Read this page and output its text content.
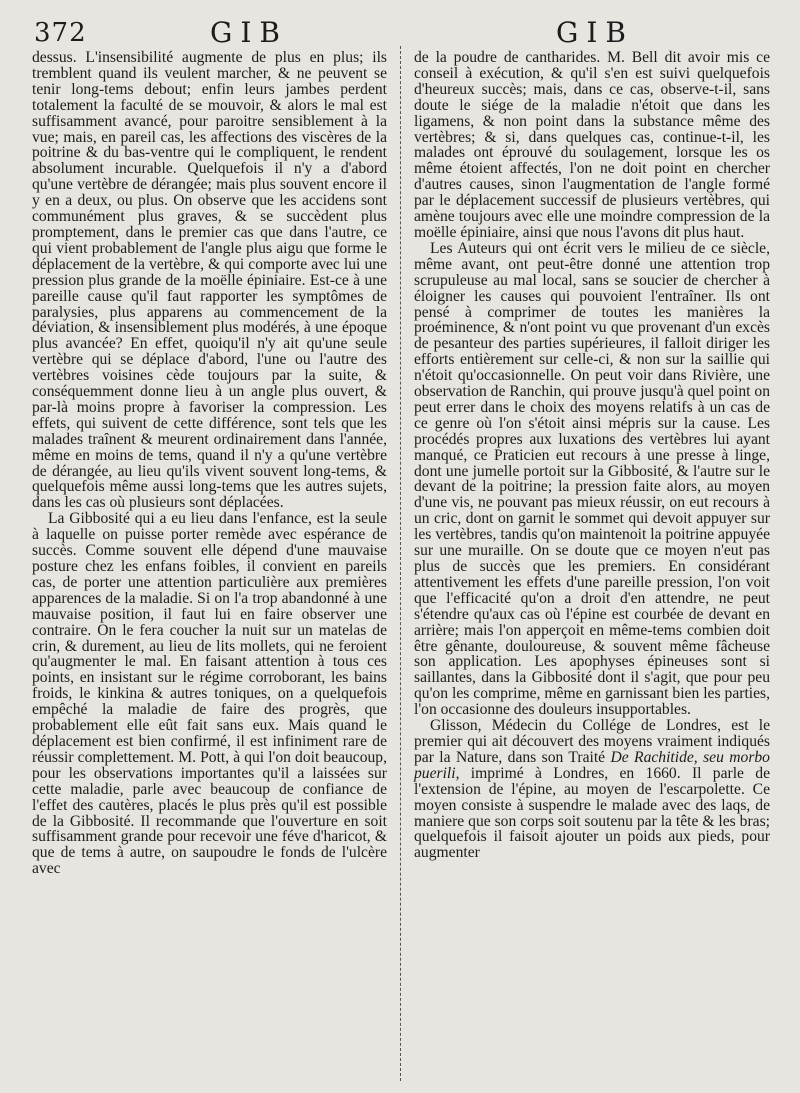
372	GIB	GIB

dessus. L'insensibilité augmente de plus en plus; ils tremblent quand ils veulent marcher, & ne peuvent se tenir long-tems debout; enfin leurs jambes perdent totalement la faculté de se mouvoir, & alors le mal est suffisamment avancé, pour paroitre sensiblement à la vue; mais, en pareil cas, les affections des viscères de la poitrine & du bas-ventre qui le compliquent, le rendent absolument incurable. Quelquefois il n'y a d'abord qu'une vertèbre de dérangée; mais plus souvent encore il y en a deux, ou plus. On observe que les accidens sont communément plus graves, & se succèdent plus promptement, dans le premier cas que dans l'autre, ce qui vient probablement de l'angle plus aigu que forme le déplacement de la vertèbre, & qui comporte avec lui une pression plus grande de la moëlle épiniaire. Est-ce à une pareille cause qu'il faut rapporter les symptômes de paralysies, plus apparens au commencement de la déviation, & insensiblement plus modérés, à une époque plus avancée? En effet, quoiqu'il n'y ait qu'une seule vertèbre qui se déplace d'abord, l'une ou l'autre des vertèbres voisines cède toujours par la suite, & conséquemment donne lieu à un angle plus ouvert, & par-là moins propre à favoriser la compression. Les effets, qui suivent de cette différence, sont tels que les malades traînent & meurent ordinairement dans l'année, même en moins de tems, quand il n'y a qu'une vertèbre de dérangée, au lieu qu'ils vivent souvent long-tems, & quelquefois même aussi long-tems que les autres sujets, dans les cas où plusieurs sont déplacées.

La Gibbosité qui a eu lieu dans l'enfance, est la seule à laquelle on puisse porter remède avec espérance de succès. Comme souvent elle dépend d'une mauvaise posture chez les enfans foibles, il convient en pareils cas, de porter une attention particulière aux premières apparences de la maladie. Si on l'a trop abandonné à une mauvaise position, il faut lui en faire observer une contraire. On le fera coucher la nuit sur un matelas de crin, & durement, au lieu de lits mollets, qui ne feroient qu'augmenter le mal. En faisant attention à tous ces points, en insistant sur le régime corroborant, les bains froids, le kinkina & autres toniques, on a quelquefois empêché la maladie de faire des progrès, que probablement elle eût fait sans eux. Mais quand le déplacement est bien confirmé, il est infiniment rare de réussir complettement. M. Pott, à qui l'on doit beaucoup, pour les observations importantes qu'il a laissées sur cette maladie, parle avec beaucoup de confiance de l'effet des cautères, placés le plus près qu'il est possible de la Gibbosité. Il recommande que l'ouverture en soit suffisamment grande pour recevoir une féve d'haricot, & que de tems à autre, on saupoudre le fonds de l'ulcère avec

de la poudre de cantharides. M. Bell dit avoir mis ce conseil à exécution, & qu'il s'en est suivi quelquefois d'heureux succès; mais, dans ce cas, observe-t-il, sans doute le siége de la maladie n'étoit que dans les ligamens, & non point dans la substance même des vertèbres; & si, dans quelques cas, continue-t-il, les malades ont éprouvé du soulagement, lorsque les os même étoient affectés, l'on ne doit point en chercher d'autres causes, sinon l'augmentation de l'angle formé par le déplacement successif de plusieurs vertèbres, qui amène toujours avec elle une moindre compression de la moëlle épiniaire, ainsi que nous l'avons dit plus haut.

Les Auteurs qui ont écrit vers le milieu de ce siècle, même avant, ont peut-être donné une attention trop scrupuleuse au mal local, sans se soucier de chercher à éloigner les causes qui pouvoient l'entraîner. Ils ont pensé à comprimer de toutes les manières la proéminence, & n'ont point vu que provenant d'un excès de pesanteur des parties supérieures, il falloit diriger les efforts entièrement sur celle-ci, & non sur la saillie qui n'étoit qu'occasionnelle. On peut voir dans Rivière, une observation de Ranchin, qui prouve jusqu'à quel point on peut errer dans le choix des moyens relatifs à un cas de ce genre où l'on s'étoit ainsi mépris sur la cause. Les procédés propres aux luxations des vertèbres lui ayant manqué, ce Praticien eut recours à une presse à linge, dont une jumelle portoit sur la Gibbosité, & l'autre sur le devant de la poitrine; la pression faite alors, au moyen d'une vis, ne pouvant pas mieux réussir, on eut recours à un cric, dont on garnit le sommet qui devoit appuyer sur les vertèbres, tandis qu'on maintenoit la poitrine appuyée sur une muraille. On se doute que ce moyen n'eut pas plus de succès que les premiers. En considérant attentivement les effets d'une pareille pression, l'on voit que l'efficacité qu'on a droit d'en attendre, ne peut s'étendre qu'aux cas où l'épine est courbée de devant en arrière; mais l'on apperçoit en même-tems combien doit être gênante, douloureuse, & souvent même fâcheuse son application. Les apophyses épineuses sont si saillantes, dans la Gibbosité dont il s'agit, que pour peu qu'on les comprime, même en garnissant bien les parties, l'on occasionne des douleurs insupportables.

Glisson, Médecin du Collége de Londres, est le premier qui ait découvert des moyens vraiment indiqués par la Nature, dans son Traité De Rachitide, seu morbo puerili, imprimé à Londres, en 1660. Il parle de l'extension de l'épine, au moyen de l'escarpolette. Ce moyen consiste à suspendre le malade avec des laqs, de maniere que son corps soit soutenu par la tête & les bras; quelquefois il faisoit ajouter un poids aux pieds, pour augmenter
